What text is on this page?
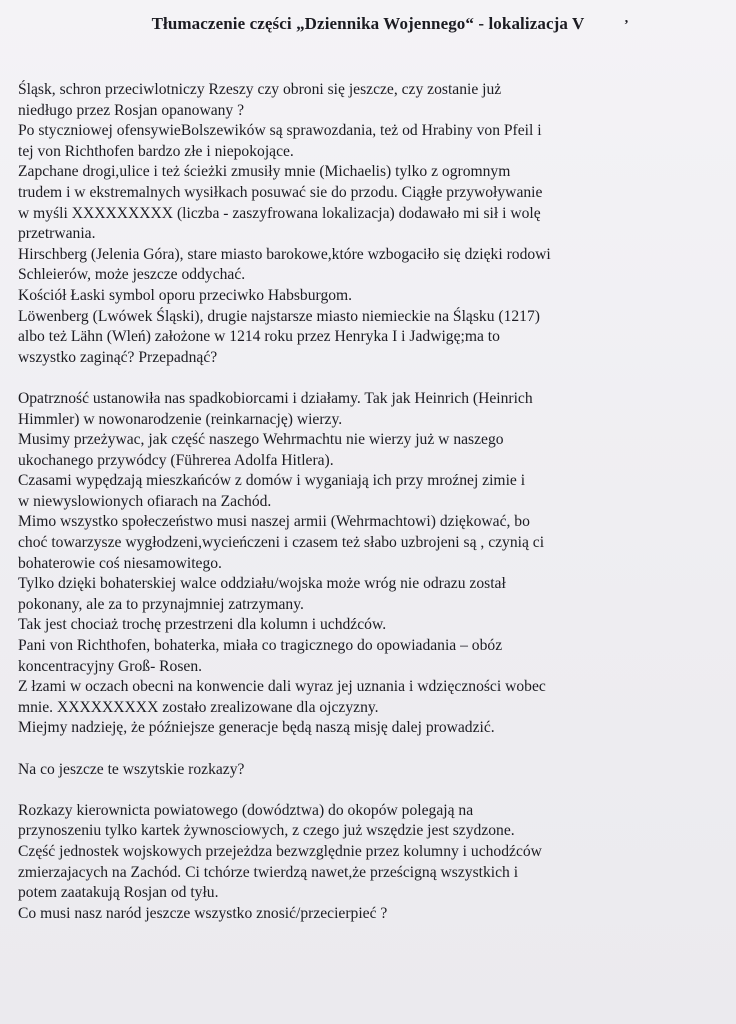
Tłumaczenie części „Dziennika Wojennego“ - lokalizacja V	’
Śląsk, schron przeciwlotniczy Rzeszy czy obroni się jeszcze, czy zostanie już
niedługo przez Rosjan opanowany ?
Po styczniowej ofensywieBolszewików są sprawozdania, też od Hrabiny von Pfeil i
tej von Richthofen bardzo złe i niepokojące.
Zapchane drogi,ulice i też ścieżki zmusiły mnie (Michaelis) tylko z ogromnym
trudem i w ekstremalnych wysiłkach posuwać sie do przodu. Ciągłe przywoływanie
w myśli XXXXXXXXX (liczba - zaszyfrowana lokalizacja) dodawało mi sił i wolę
przetrwania.
Hirschberg (Jelenia Góra), stare miasto barokowe,które wzbogaciło się dzięki rodowi
Schleierów, może jeszcze oddychać.
Kościół Łaski symbol oporu przeciwko Habsburgom.
Löwenberg (Lwówek Śląski), drugie najstarsze miasto niemieckie na Śląsku (1217)
albo też Lähn (Wleń) założone w 1214 roku przez Henryka I i Jadwigę;ma to
wszystko zaginąć? Przepadnąć?

Opatrzność ustanowiła nas spadkobiorcami i działamy. Tak jak Heinrich (Heinrich
Himmler) w nowonarodzenie (reinkarnację) wierzy.
Musimy przeżywac, jak część naszego Wehrmachtu nie wierzy już w naszego
ukochanego przywódcy (Führerea Adolfa Hitlera).
Czasami wypędzają mieszkańców z domów i wyganiają ich przy mroźnej zimie i
w niewyslowionych ofiarach na Zachód.
Mimo wszystko społeczeństwo musi naszej armii (Wehrmachtowi) dziękować, bo
choć towarzysze wygłodzeni,wycieńczeni i czasem też słabo uzbrojeni są , czynią ci
bohaterowie coś niesamowitego.
Tylko dzięki bohaterskiej walce oddziału/wojska może wróg nie odrazu został
pokonany, ale za to przynajmniej zatrzymany.
Tak jest chociaż trochę przestrzeni dla kolumn i uchdźców.
Pani von Richthofen, bohaterka, miała co tragicznego do opowiadania – obóz
koncentracyjny Groß- Rosen.
Z łzami w oczach obecni na konwencie dali wyraz jej uznania i wdzięczności wobec
mnie. XXXXXXXXX zostało zrealizowane dla ojczyzny.
Miejmy nadzieję, że późniejsze generacje będą naszą misję dalej prowadzić.

Na co jeszcze te wszytskie rozkazy?

Rozkazy kierownicta powiatowego (dowództwa) do okopów polegają na
przynoszeniu tylko kartek żywnosciowych, z czego już wszędzie jest szydzone.
Część jednostek wojskowych przejeżdza bezwzględnie przez kolumny i uchodźców
zmierzajacych na Zachód. Ci tchórze twierdzą nawet,że prześcigną wszystkich i
potem zaatakują Rosjan od tyłu.
Co musi nasz naród jeszcze wszystko znosić/przecierpieć ?
